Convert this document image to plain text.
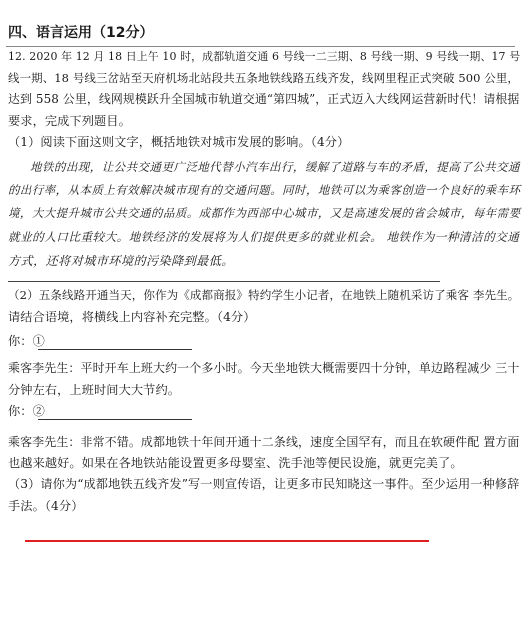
四、语言运用（12分）
12. 2020 年 12 月 18 日上午 10 时，成都轨道交通 6 号线一二三期、8 号线一期、9 号线一期、17 号
线一期、18 号线三岔站至天府机场北站段共五条地铁线路五线齐发，线网里程正式突破 500 公里，
达到 558 公里，线网规模跃升全国城市轨道交通“第四城”，正式迈入大线网运营新时代！请根据
要求，完成下列题目。
（1）阅读下面这则文字，概括地铁对城市发展的影响。（4分）
地铁的出现，让公共交通更广泛地代替小汽车出行，缓解了道路与车的矛盾，提高了公共交通
的出行率，从本质上有效解决城市现有的交通问题。同时，地铁可以为乘客创造一个良好的乘车环
境，大大提升城市公共交通的品质。成都作为西部中心城市，又是高速发展的省会城市，每年需要
就业的人口比重较大。地铁经济的发展将为人们提供更多的就业机会。 地铁作为一种清洁的交通
方式，还将对城市环境的污染降到最低。
（2）五条线路开通当天，你作为《成都商报》特约学生小记者，在地铁上随机采访了乘客 李先生。
请结合语境，将横线上内容补充完整。（4分）
你：①
乘客李先生：平时开车上班大约一个多小时。今天坐地铁大概需要四十分钟，单边路程减少 三十
分钟左右，上班时间大大节约。
你：②
乘客李先生：非常不错。成都地铁十年间开通十二条线，速度全国罕有，而且在软硬件配 置方面
也越来越好。如果在各地铁站能设置更多母婴室、洗手池等便民设施，就更完美了。
（3）请你为“成都地铁五线齐发”写一则宣传语，让更多市民知晓这一事件。至少运用一种修辞
手法。（4分）
